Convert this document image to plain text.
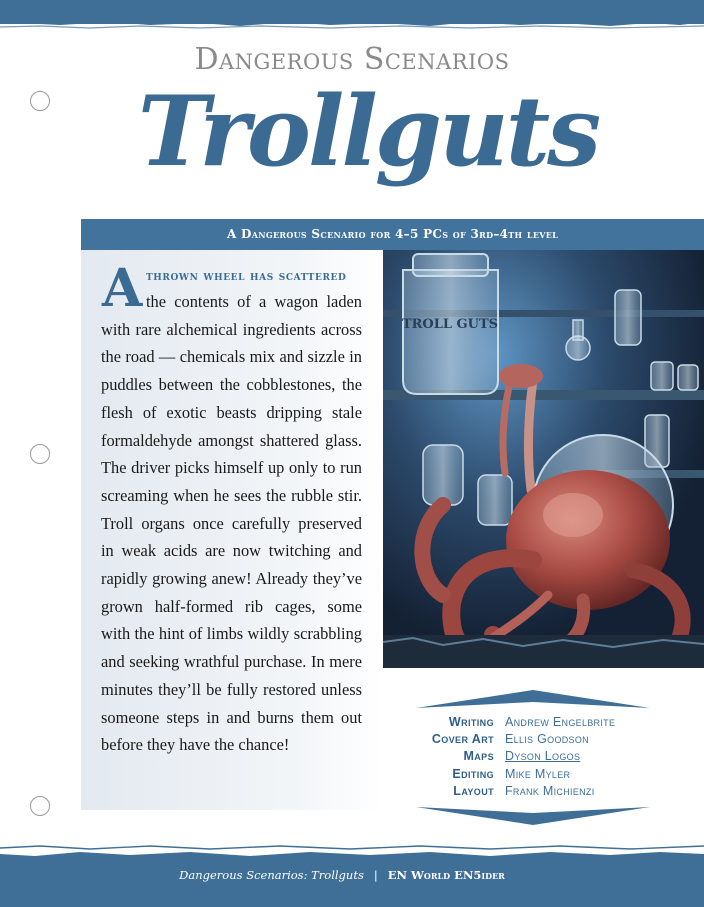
Dangerous Scenarios
Trollguts
A Dangerous Scenario for 4–5 PCs of 3rd–4th level
A thrown wheel has scattered
the contents of a wagon laden with rare alchemical ingredients across the road — chemicals mix and sizzle in puddles between the cobblestones, the flesh of exotic beasts dripping stale formaldehyde amongst shattered glass. The driver picks himself up only to run screaming when he sees the rubble stir. Troll organs once carefully preserved in weak acids are now twitching and rapidly growing anew! Already they’ve grown half-formed rib cages, some with the hint of limbs wildly scrabbling and seeking wrathful purchase. In mere minutes they’ll be fully restored unless someone steps in and burns them out before they have the chance!
TROLL GUTS
Writing Andrew Engelbrite
Cover Art Ellis Goodson
Maps Dyson Logos
Editing Mike Myler
Layout Frank Michienzi
Dangerous Scenarios: Trollguts | EN World EN5ider
